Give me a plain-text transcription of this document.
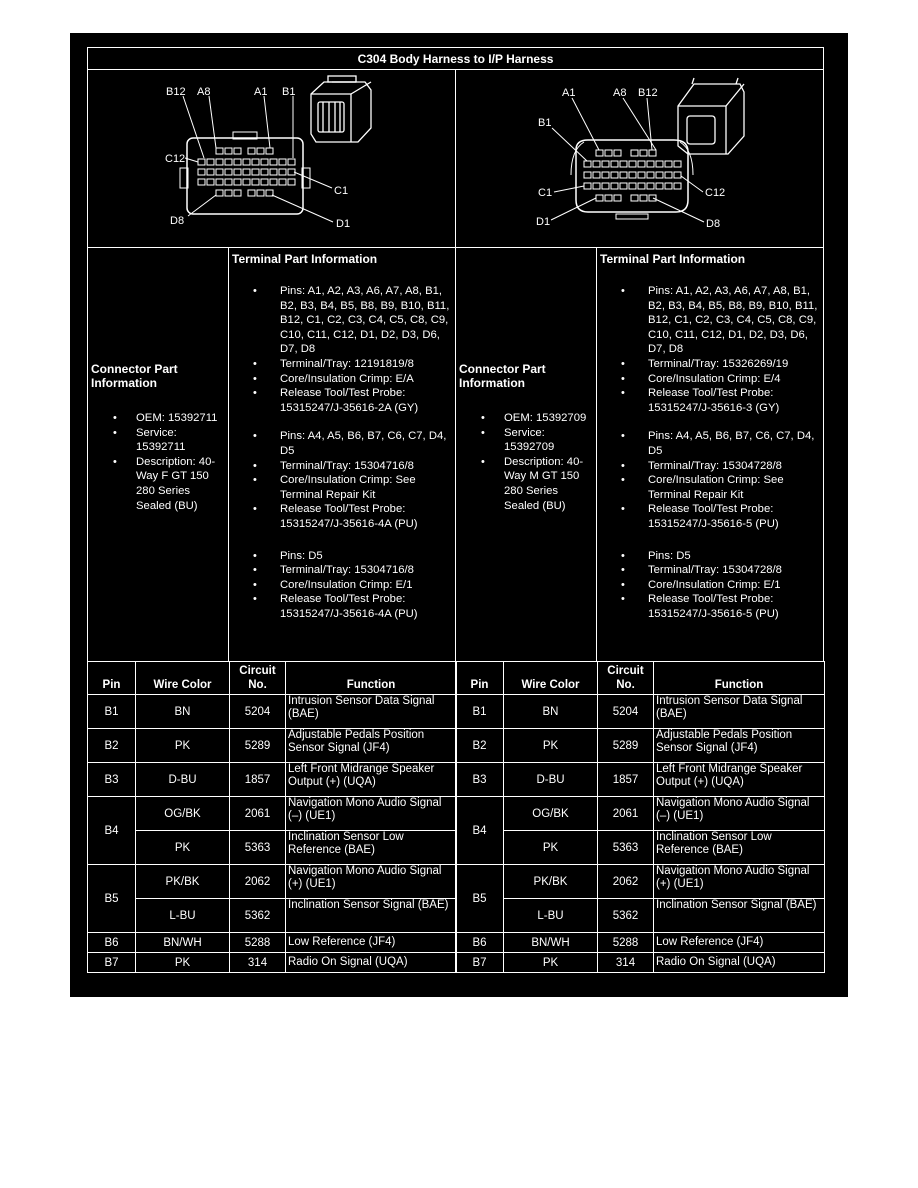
C304 Body Harness to I/P Harness
B12 A8	A1 B1
C12
C1
D8	D1
A1	A8 B12
B1
C1	C12
D1	D8
Connector Part Information
• OEM: 15392711
• Service: 15392711
• Description: 40-Way F GT 150 280 Series Sealed (BU)
Terminal Part Information
• Pins: A1, A2, A3, A6, A7, A8, B1, B2, B3, B4, B5, B8, B9, B10, B11, B12, C1, C2, C3, C4, C5, C8, C9, C10, C11, C12, D1, D2, D3, D6, D7, D8
• Terminal/Tray: 12191819/8
• Core/Insulation Crimp: E/A
• Release Tool/Test Probe: 15315247/J-35616-2A (GY)
• Pins: A4, A5, B6, B7, C6, C7, D4, D5
• Terminal/Tray: 15304716/8
• Core/Insulation Crimp: See Terminal Repair Kit
• Release Tool/Test Probe: 15315247/J-35616-4A (PU)
• Pins: D5
• Terminal/Tray: 15304716/8
• Core/Insulation Crimp: E/1
• Release Tool/Test Probe: 15315247/J-35616-4A (PU)
Connector Part Information
• OEM: 15392709
• Service: 15392709
• Description: 40-Way M GT 150 280 Series Sealed (BU)
Terminal Part Information
• Pins: A1, A2, A3, A6, A7, A8, B1, B2, B3, B4, B5, B8, B9, B10, B11, B12, C1, C2, C3, C4, C5, C8, C9, C10, C11, C12, D1, D2, D3, D6, D7, D8
• Terminal/Tray: 15326269/19
• Core/Insulation Crimp: E/4
• Release Tool/Test Probe: 15315247/J-35616-3 (GY)
• Pins: A4, A5, B6, B7, C6, C7, D4, D5
• Terminal/Tray: 15304728/8
• Core/Insulation Crimp: See Terminal Repair Kit
• Release Tool/Test Probe: 15315247/J-35616-5 (PU)
• Pins: D5
• Terminal/Tray: 15304728/8
• Core/Insulation Crimp: E/1
• Release Tool/Test Probe: 15315247/J-35616-5 (PU)
Pin	Wire Color	Circuit No.	Function
B1	BN	5204	Intrusion Sensor Data Signal (BAE)
B2	PK	5289	Adjustable Pedals Position Sensor Signal (JF4)
B3	D-BU	1857	Left Front Midrange Speaker Output (+) (UQA)
B4	OG/BK	2061	Navigation Mono Audio Signal (–) (UE1)
	PK	5363	Inclination Sensor Low Reference (BAE)
B5	PK/BK	2062	Navigation Mono Audio Signal (+) (UE1)
	L-BU	5362	Inclination Sensor Signal (BAE)
B6	BN/WH	5288	Low Reference (JF4)
B7	PK	314	Radio On Signal (UQA)
Pin	Wire Color	Circuit No.	Function
B1	BN	5204	Intrusion Sensor Data Signal (BAE)
B2	PK	5289	Adjustable Pedals Position Sensor Signal (JF4)
B3	D-BU	1857	Left Front Midrange Speaker Output (+) (UQA)
B4	OG/BK	2061	Navigation Mono Audio Signal (–) (UE1)
	PK	5363	Inclination Sensor Low Reference (BAE)
B5	PK/BK	2062	Navigation Mono Audio Signal (+) (UE1)
	L-BU	5362	Inclination Sensor Signal (BAE)
B6	BN/WH	5288	Low Reference (JF4)
B7	PK	314	Radio On Signal (UQA)
